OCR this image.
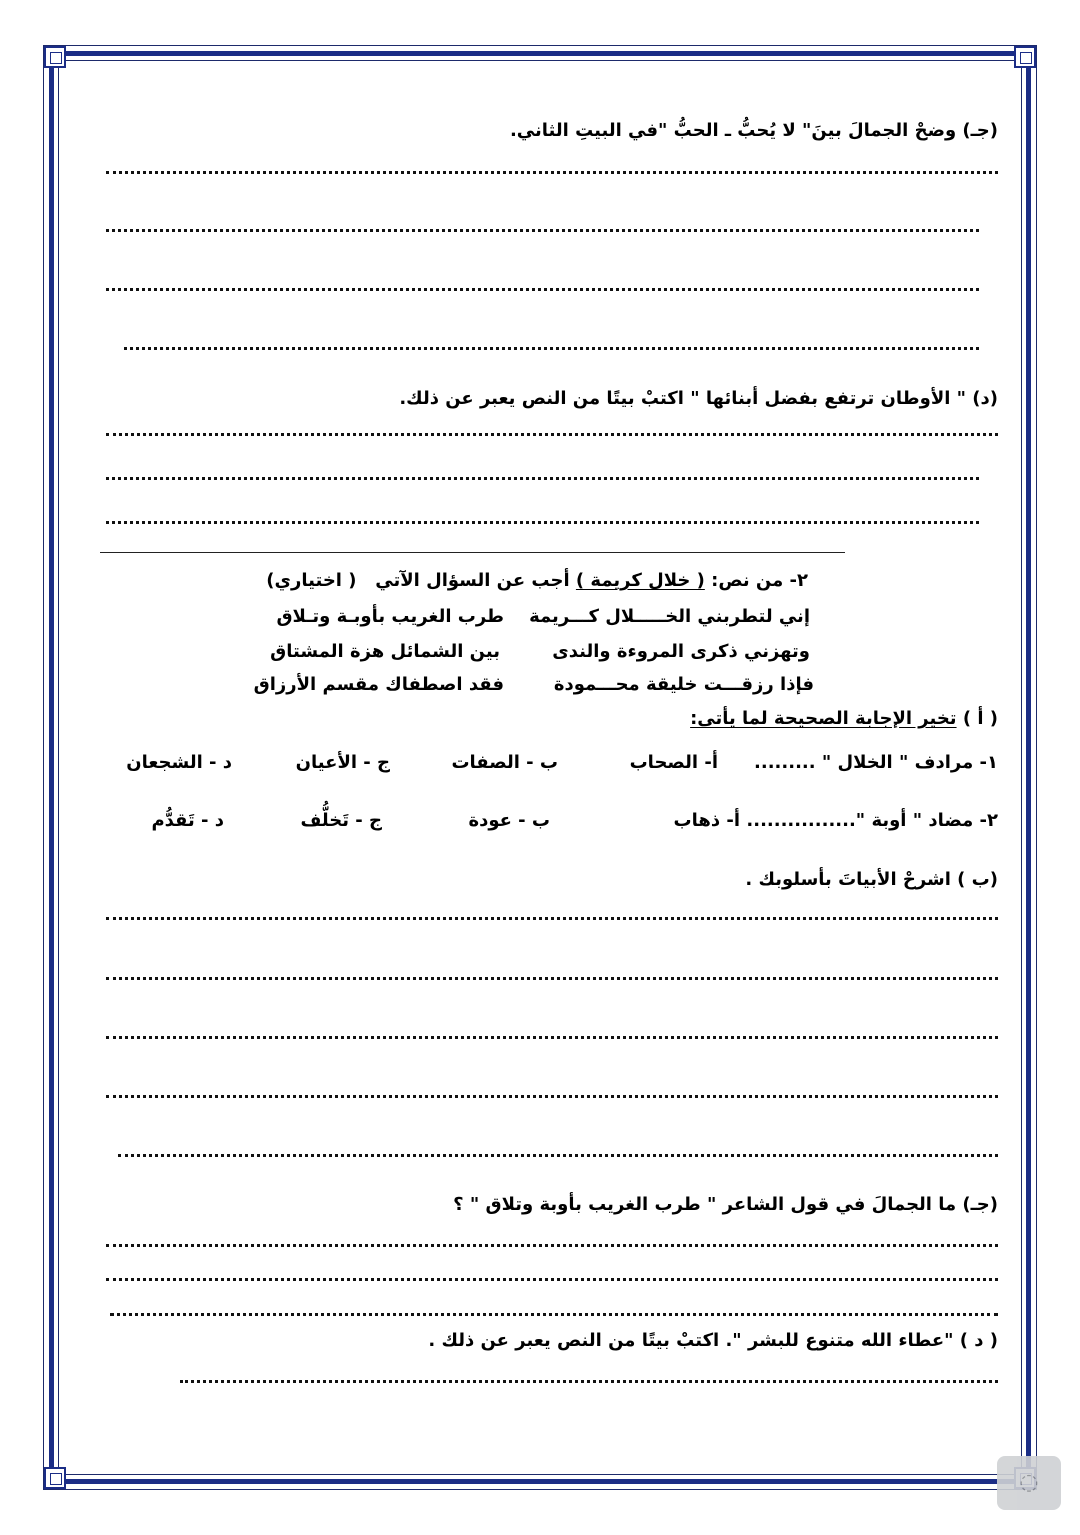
(جـ) وضحْ الجمالَ بينَ" لا يُحبُّ ـ الحبُّ "في البيتِ الثاني.
(د) " الأوطان ترتفع بفضل أبنائها " اكتبْ بيتًا من النص يعبر عن ذلك.
٢- من نص: ( خلال كريمة ) أجب عن السؤال الآتي   ( اختياري)
إني لتطربني الخـــــلال كـــريمة
طرب الغريب بأوبـة وتـلاق
وتهزني ذكرى المروءة والندى
بين الشمائل هزة المشتاق
فإذا رزقـــت خليقة محـــمودة
فقد اصطفاك مقسم الأرزاق
( أ ) تخير الإجابة الصحيحة لما يأتى:
١- مرادف " الخلال " .........
أ- الصحاب
ب - الصفات
ج - الأعيان
د - الشجعان
٢- مضاد " أوبة "................
أ- ذهاب
ب - عودة
ج - تَخلُّف
د - تَقدُّم
(ب ) اشرحْ الأبياتَ بأسلوبك .
(جـ) ما الجمالَ في قول الشاعر " طرب الغريب بأوبة وتلاق " ؟
( د ) "عطاء الله متنوع للبشر ". اكتبْ بيتًا من النص يعبر عن ذلك .
◌
